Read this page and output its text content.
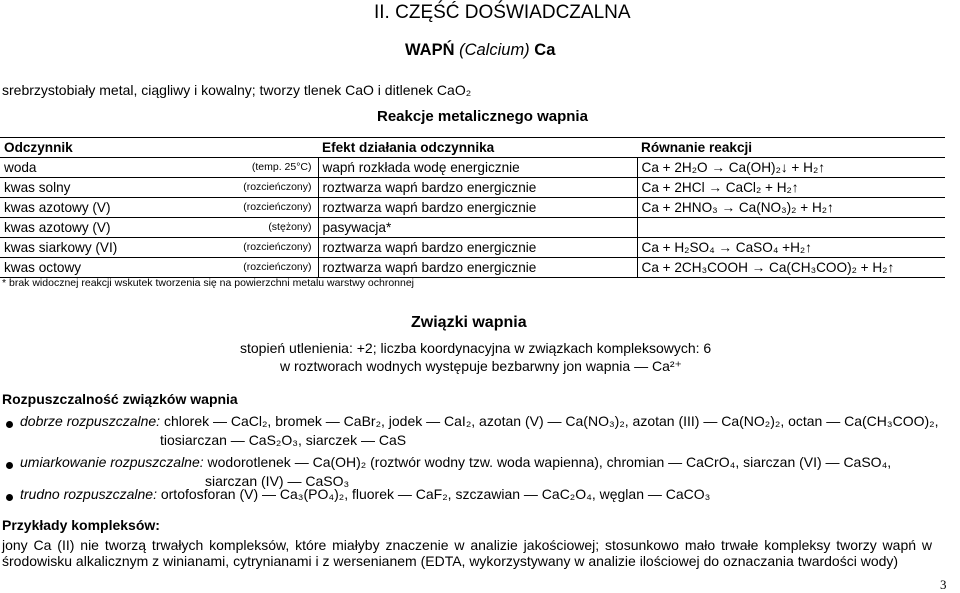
II. CZĘŚĆ DOŚWIADCZALNA
WAPŃ (Calcium) Ca
srebrzystobiały metal, ciągliwy i kowalny; tworzy tlenek CaO i ditlenek CaO₂
Reakcje metalicznego wapnia
Odczynnik	Efekt działania odczynnika	Równanie reakcji
woda (temp. 25°C)	wapń rozkłada wodę energicznie	Ca + 2H₂O → Ca(OH)₂↓ + H₂↑
kwas solny (rozcieńczony)	roztwarza wapń bardzo energicznie	Ca + 2HCl → CaCl₂ + H₂↑
kwas azotowy (V) (rozcieńczony)	roztwarza wapń bardzo energicznie	Ca + 2HNO₃ → Ca(NO₃)₂ + H₂↑
kwas azotowy (V) (stężony)	pasywacja*	
kwas siarkowy (VI) (rozcieńczony)	roztwarza wapń bardzo energicznie	Ca + H₂SO₄ → CaSO₄ +H₂↑
kwas octowy (rozcieńczony)	roztwarza wapń bardzo energicznie	Ca + 2CH₃COOH → Ca(CH₃COO)₂ + H₂↑
* brak widocznej reakcji wskutek tworzenia się na powierzchni metalu warstwy ochronnej
Związki wapnia
stopień utlenienia: +2; liczba koordynacyjna w związkach kompleksowych: 6
w roztworach wodnych występuje bezbarwny jon wapnia — Ca²⁺
Rozpuszczalność związków wapnia
dobrze rozpuszczalne: chlorek — CaCl₂, bromek — CaBr₂, jodek — CaI₂, azotan (V) — Ca(NO₃)₂, azotan (III) — Ca(NO₂)₂, octan — Ca(CH₃COO)₂,
tiosiarczan — CaS₂O₃, siarczek — CaS
umiarkowanie rozpuszczalne: wodorotlenek — Ca(OH)₂ (roztwór wodny tzw. woda wapienna), chromian — CaCrO₄, siarczan (VI) — CaSO₄,
siarczan (IV) — CaSO₃
trudno rozpuszczalne: ortofosforan (V) — Ca₃(PO₄)₂, fluorek — CaF₂, szczawian — CaC₂O₄, węglan — CaCO₃
Przykłady kompleksów:
jony Ca (II) nie tworzą trwałych kompleksów, które miałyby znaczenie w analizie jakościowej; stosunkowo mało trwałe kompleksy tworzy wapń w
środowisku alkalicznym z winianami, cytrynianami i z wersenianem (EDTA, wykorzystywany w analizie ilościowej do oznaczania twardości wody)
3
